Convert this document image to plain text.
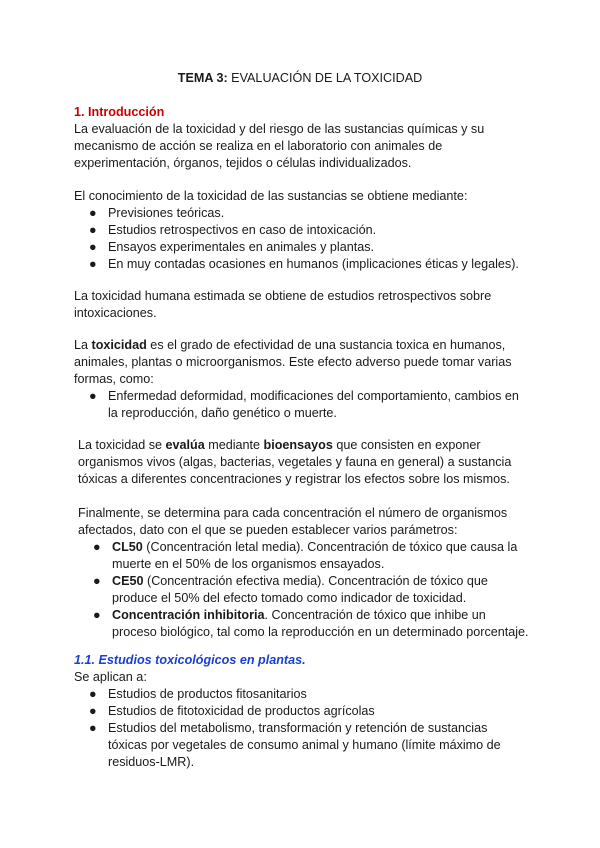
TEMA 3: EVALUACIÓN DE LA TOXICIDAD

1. Introducción

La evaluación de la toxicidad y del riesgo de las sustancias químicas y su mecanismo de acción se realiza en el laboratorio con animales de experimentación, órganos, tejidos o células individualizados.

El conocimiento de la toxicidad de las sustancias se obtiene mediante:

● Previsiones teóricas.
● Estudios retrospectivos en caso de intoxicación.
● Ensayos experimentales en animales y plantas.
● En muy contadas ocasiones en humanos (implicaciones éticas y legales).

La toxicidad humana estimada se obtiene de estudios retrospectivos sobre intoxicaciones.

La toxicidad es el grado de efectividad de una sustancia toxica en humanos, animales, plantas o microorganismos. Este efecto adverso puede tomar varias formas, como:

● Enfermedad deformidad, modificaciones del comportamiento, cambios en la reproducción, daño genético o muerte.

La toxicidad se evalúa mediante bioensayos que consisten en exponer organismos vivos (algas, bacterias, vegetales y fauna en general) a sustancia tóxicas a diferentes concentraciones y registrar los efectos sobre los mismos.

Finalmente, se determina para cada concentración el número de organismos afectados, dato con el que se pueden establecer varios parámetros:

● CL50 (Concentración letal media). Concentración de tóxico que causa la muerte en el 50% de los organismos ensayados.
● CE50 (Concentración efectiva media). Concentración de tóxico que produce el 50% del efecto tomado como indicador de toxicidad.
● Concentración inhibitoria. Concentración de tóxico que inhibe un proceso biológico, tal como la reproducción en un determinado porcentaje.

1.1. Estudios toxicológicos en plantas.

Se aplican a:

● Estudios de productos fitosanitarios
● Estudios de fitotoxicidad de productos agrícolas
● Estudios del metabolismo, transformación y retención de sustancias tóxicas por vegetales de consumo animal y humano (límite máximo de residuos-LMR).
